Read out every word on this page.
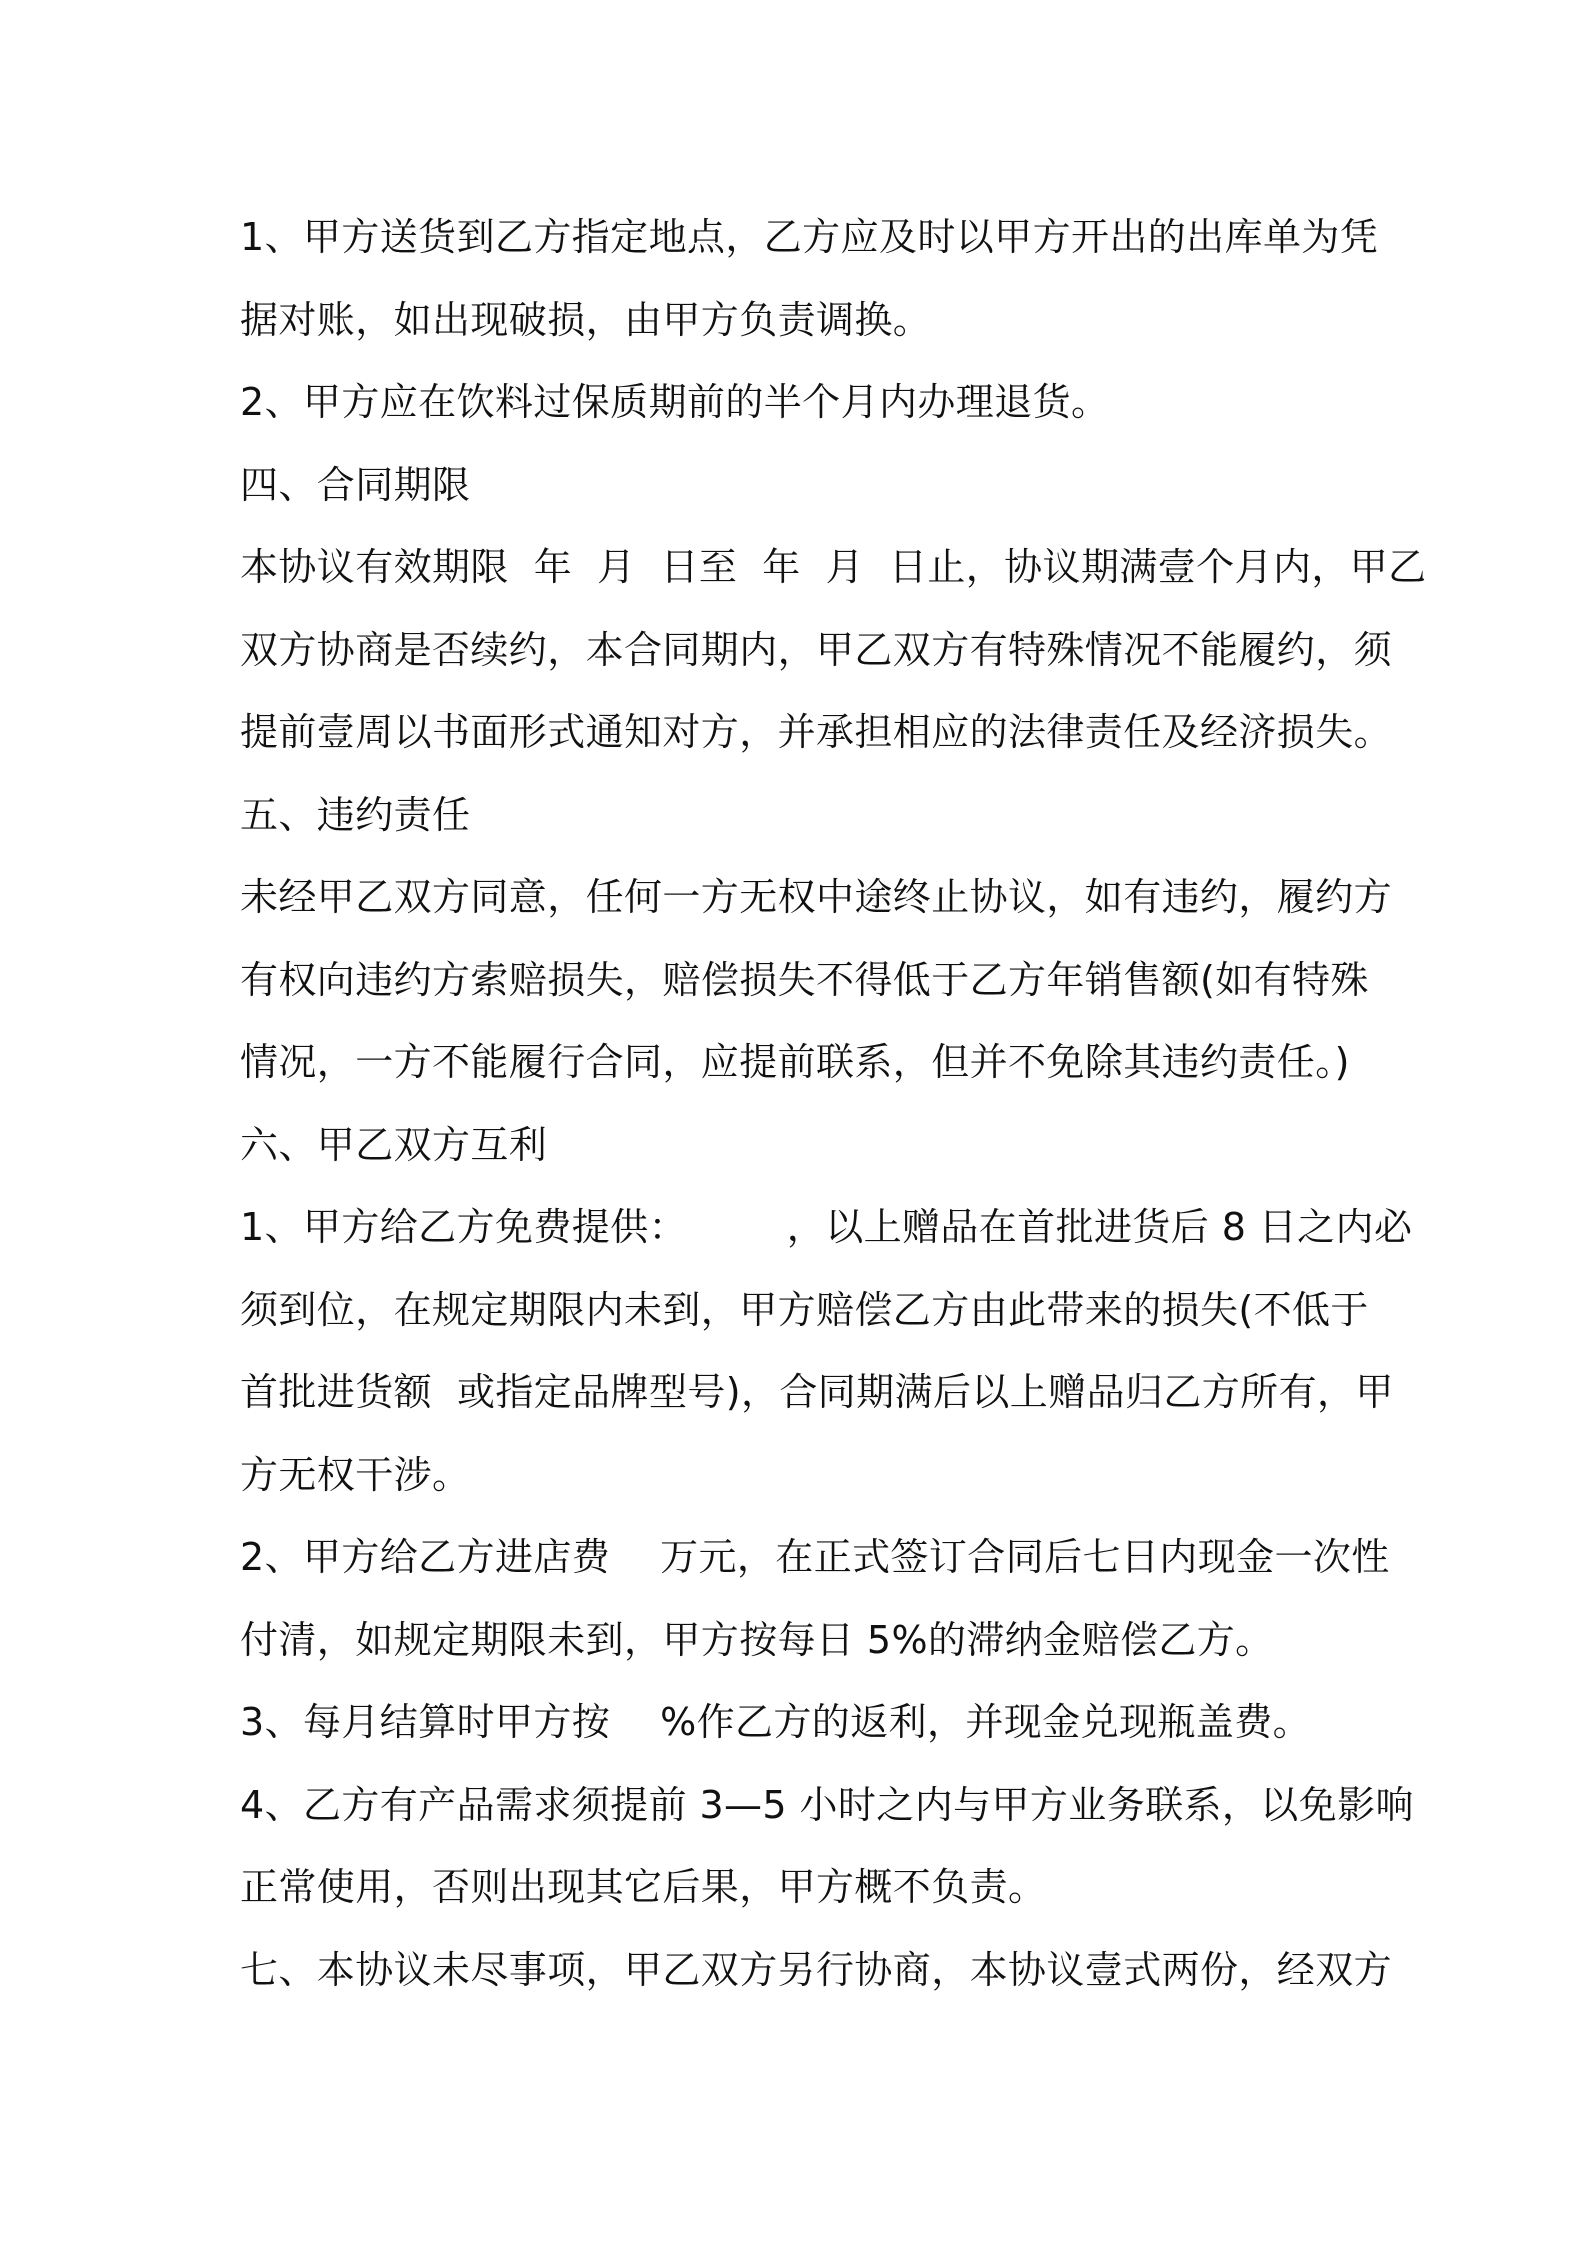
1、甲方送货到乙方指定地点，乙方应及时以甲方开出的出库单为凭

据对账，如出现破损，由甲方负责调换。

2、甲方应在饮料过保质期前的半个月内办理退货。

四、合同期限

本协议有效期限  年  月  日至  年  月  日止，协议期满壹个月内，甲乙

双方协商是否续约，本合同期内，甲乙双方有特殊情况不能履约，须

提前壹周以书面形式通知对方，并承担相应的法律责任及经济损失。

五、违约责任

未经甲乙双方同意，任何一方无权中途终止协议，如有违约，履约方

有权向违约方索赔损失，赔偿损失不得低于乙方年销售额(如有特殊

情况，一方不能履行合同，应提前联系，但并不免除其违约责任。)

六、甲乙双方互利

1、甲方给乙方免费提供：        ，以上赠品在首批进货后 8 日之内必

须到位，在规定期限内未到，甲方赔偿乙方由此带来的损失(不低于

首批进货额  或指定品牌型号)，合同期满后以上赠品归乙方所有，甲

方无权干涉。

2、甲方给乙方进店费    万元，在正式签订合同后七日内现金一次性

付清，如规定期限未到，甲方按每日 5%的滞纳金赔偿乙方。

3、每月结算时甲方按    %作乙方的返利，并现金兑现瓶盖费。

4、乙方有产品需求须提前 3—5 小时之内与甲方业务联系，以免影响

正常使用，否则出现其它后果，甲方概不负责。

七、本协议未尽事项，甲乙双方另行协商，本协议壹式两份，经双方
